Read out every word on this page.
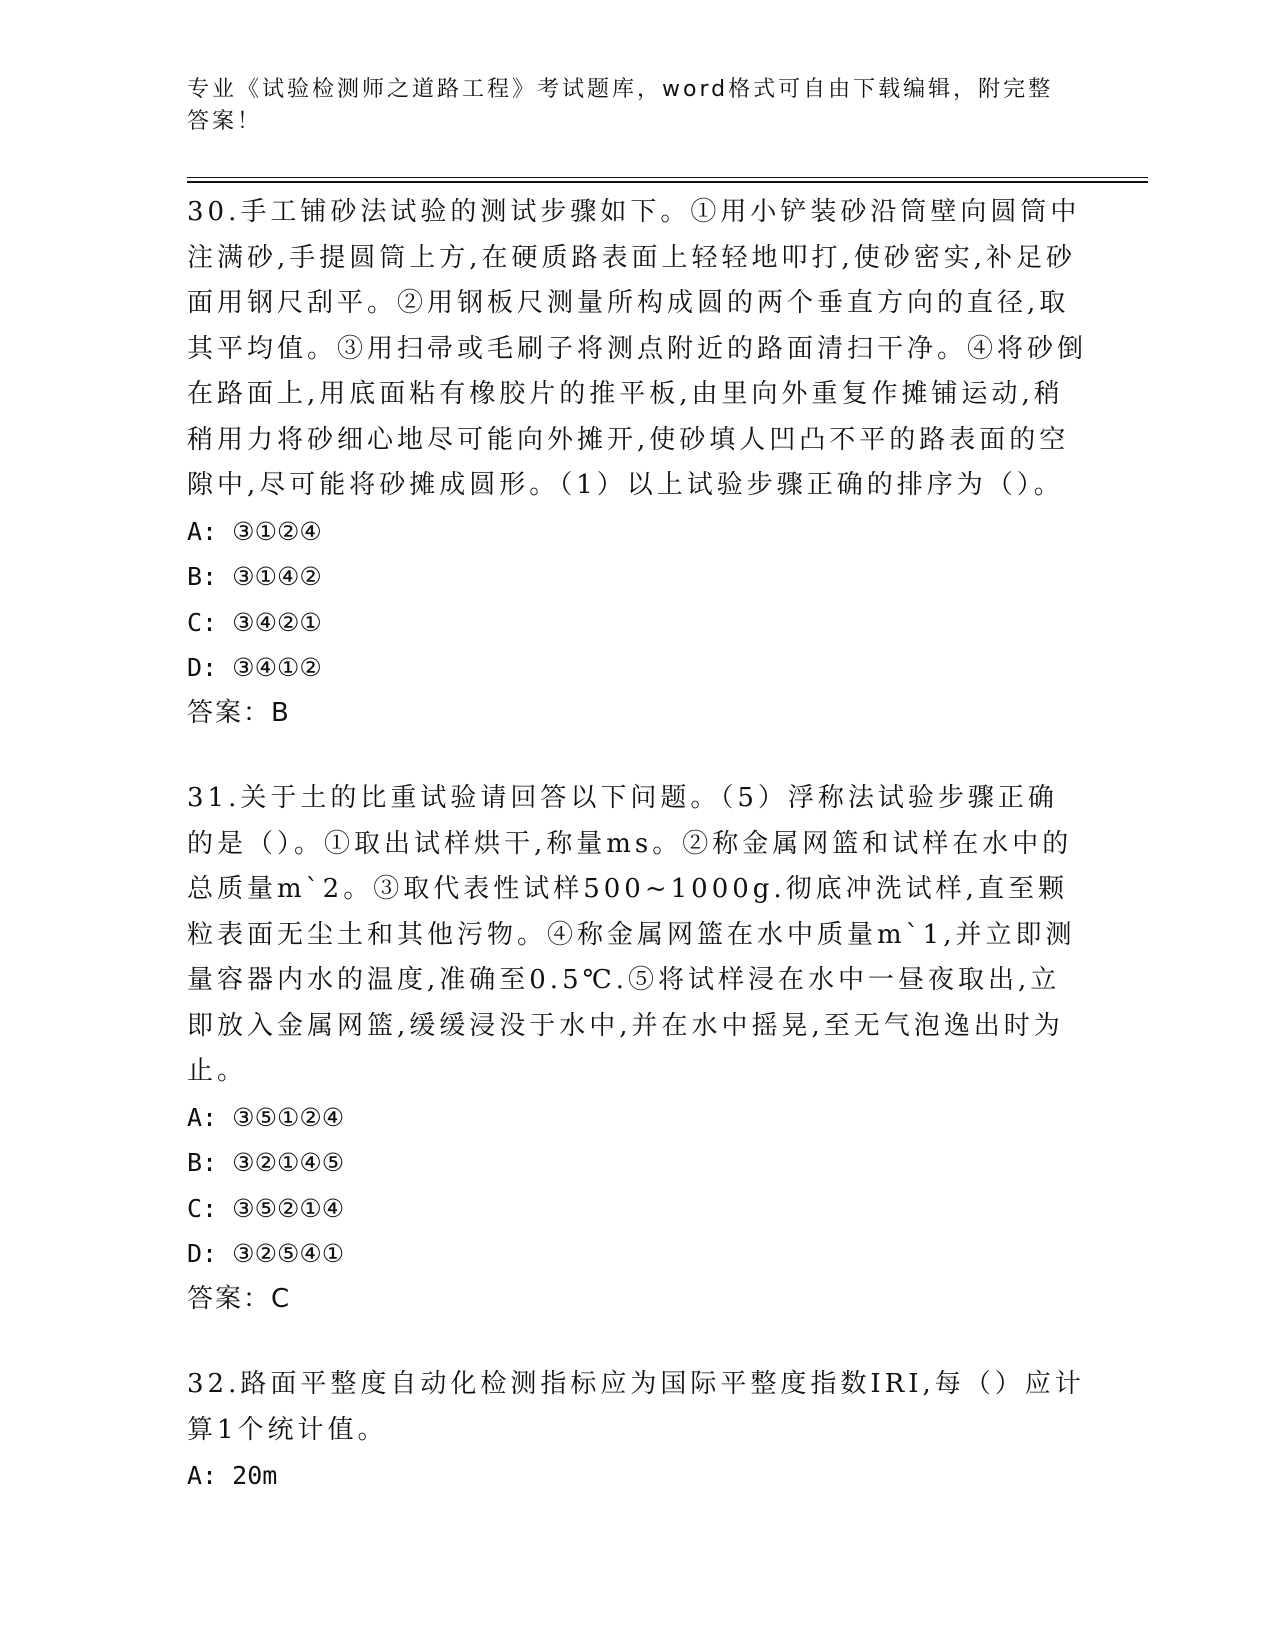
专业《试验检测师之道路工程》考试题库，word格式可自由下载编辑，附完整答案！

30.手工铺砂法试验的测试步骤如下。①用小铲装砂沿筒壁向圆筒中注满砂,手提圆筒上方,在硬质路表面上轻轻地叩打,使砂密实,补足砂面用钢尺刮平。②用钢板尺测量所构成圆的两个垂直方向的直径,取其平均值。③用扫帚或毛刷子将测点附近的路面清扫干净。④将砂倒在路面上,用底面粘有橡胶片的推平板,由里向外重复作摊铺运动,稍稍用力将砂细心地尽可能向外摊开,使砂填人凹凸不平的路表面的空隙中,尽可能将砂摊成圆形。（1）以上试验步骤正确的排序为（）。

A: ③①②④
B: ③①④②
C: ③④②①
D: ③④①②
答案：B

31.关于土的比重试验请回答以下问题。（5）浮称法试验步骤正确的是（）。①取出试样烘干,称量ms。②称金属网篮和试样在水中的总质量m`2。③取代表性试样500~1000g.彻底冲洗试样,直至颗粒表面无尘土和其他污物。④称金属网篮在水中质量m`1,并立即测量容器内水的温度,准确至0.5℃.⑤将试样浸在水中一昼夜取出,立即放入金属网篮,缓缓浸没于水中,并在水中摇晃,至无气泡逸出时为止。

A: ③⑤①②④
B: ③②①④⑤
C: ③⑤②①④
D: ③②⑤④①
答案：C

32.路面平整度自动化检测指标应为国际平整度指数IRI,每（）应计算1个统计值。

A: 20m
